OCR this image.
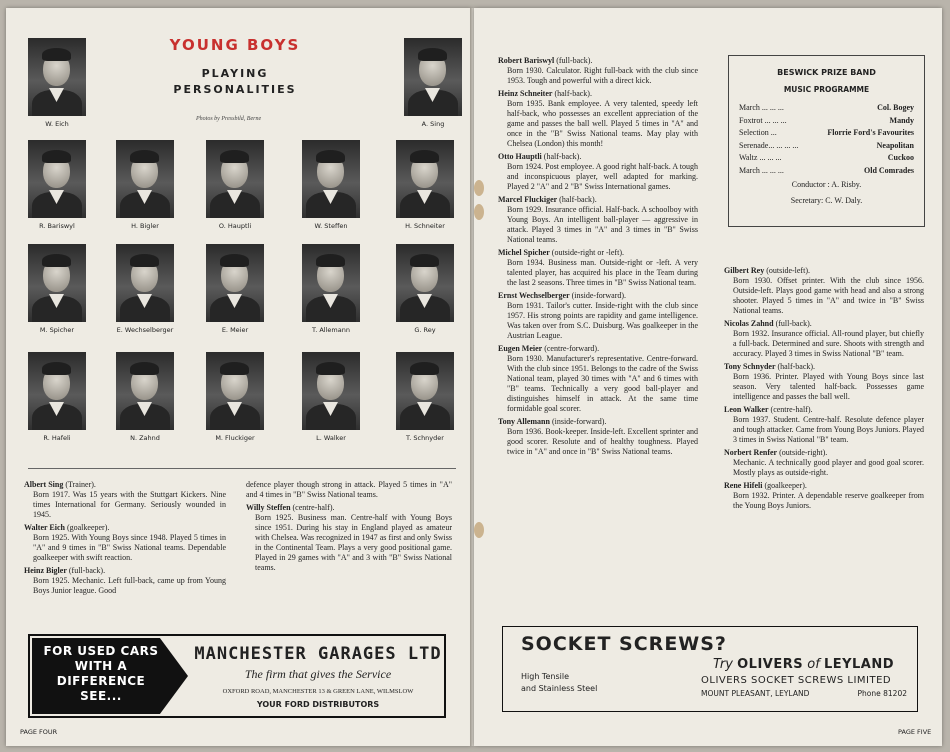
YOUNG BOYS
PLAYING
PERSONALITIES
Photos by Pressbild, Berne
W. Eich	A. Sing
R. Bariswyl	H. Bigler	O. Hauptli	W. Steffen	H. Schneiter
M. Spicher	E. Wechselberger	E. Meier	T. Allemann	G. Rey
R. Hafeli	N. Zahnd	M. Fluckiger	L. Walker	T. Schnyder
Albert Sing (Trainer).
Born 1917. Was 15 years with the Stuttgart Kickers. Nine times International for Germany. Seriously wounded in 1945.
Walter Eich (goalkeeper).
Born 1925. With Young Boys since 1948. Played 5 times in "A" and 9 times in "B" Swiss National teams. Dependable goalkeeper with swift reaction.
Heinz Bigler (full-back).
Born 1925. Mechanic. Left full-back, came up from Young Boys Junior league. Good
defence player though strong in attack. Played 5 times in "A" and 4 times in "B" Swiss National teams.
Willy Steffen (centre-half).
Born 1925. Business man. Centre-half with Young Boys since 1951. During his stay in England played as amateur with Chelsea. Was recognized in 1947 as first and only Swiss in the Continental Team. Plays a very good positional game. Played in 29 games with "A" and 3 with "B" Swiss National teams.
FOR USED CARS WITH A DIFFERENCE SEE...
MANCHESTER GARAGES LTD
The firm that gives the Service
OXFORD ROAD, MANCHESTER 13 & GREEN LANE, WILMSLOW
YOUR FORD DISTRIBUTORS
PAGE FOUR
Robert Bariswyl (full-back).
Born 1930. Calculator. Right full-back with the club since 1953. Tough and powerful with a direct kick.
Heinz Schneiter (half-back).
Born 1935. Bank employee. A very talented, speedy left half-back, who possesses an excellent appreciation of the game and passes the ball well. Played 5 times in "A" and once in the "B" Swiss National teams. May play with Chelsea (London) this month!
Otto Hauptli (half-back).
Born 1924. Post employee. A good right half-back. A tough and inconspicuous player, well adapted for marking. Played 2 "A" and 2 "B" Swiss International games.
Marcel Fluckiger (half-back).
Born 1929. Insurance official. Half-back. A schoolboy with Young Boys. An intelligent ball-player — aggressive in attack. Played 3 times in "A" and 3 times in "B" Swiss National teams.
Michel Spicher (outside-right or -left).
Born 1934. Business man. Outside-right or -left. A very talented player, has acquired his place in the Team during the last 2 seasons. Three times in "B" Swiss National team.
Ernst Wechselberger (inside-forward).
Born 1931. Tailor's cutter. Inside-right with the club since 1957. His strong points are rapidity and game intelligence. Was taken over from S.C. Duisburg. Was goalkeeper in the Austrian League.
Eugen Meier (centre-forward).
Born 1930. Manufacturer's representative. Centre-forward. With the club since 1951. Belongs to the cadre of the Swiss National team, played 30 times with "A" and 6 times with "B" teams. Technically a very good ball-player and distinguishes himself in attack. At the same time formidable goal scorer.
Tony Allemann (inside-forward).
Born 1936. Book-keeper. Inside-left. Excellent sprinter and good scorer. Resolute and of healthy toughness. Played twice in "A" and once in "B" Swiss National teams.
BESWICK PRIZE BAND
MUSIC PROGRAMME
March ... ... ...	Col. Bogey
Foxtrot ... ... ...	Mandy
Selection ...	Florrie Ford's Favourites
Serenade... ... ... ...	Neapolitan
Waltz ... ... ...	Cuckoo
March ... ... ...	Old Comrades
Conductor : A. Risby.
Secretary: C. W. Daly.
Gilbert Rey (outside-left).
Born 1930. Offset printer. With the club since 1956. Outside-left. Plays good game with head and also a strong shooter. Played 5 times in "A" and twice in "B" Swiss National teams.
Nicolas Zahnd (full-back).
Born 1932. Insurance official. All-round player, but chiefly a full-back. Determined and sure. Shoots with strength and accuracy. Played 3 times in Swiss National "B" team.
Tony Schnyder (half-back).
Born 1936. Printer. Played with Young Boys since last season. Very talented half-back. Possesses game intelligence and passes the ball well.
Leon Walker (centre-half).
Born 1937. Student. Centre-half. Resolute defence player and tough attacker. Came from Young Boys Juniors. Played 3 times in Swiss National "B" team.
Norbert Renfer (outside-right).
Mechanic. A technically good player and good goal scorer. Mostly plays as outside-right.
Rene Hifeli (goalkeeper).
Born 1932. Printer. A dependable reserve goalkeeper from the Young Boys Juniors.
SOCKET SCREWS?
High Tensile
and Stainless Steel
Try OLIVERS of LEYLAND
OLIVERS SOCKET SCREWS LIMITED
MOUNT PLEASANT, LEYLAND	Phone 81202
PAGE FIVE
